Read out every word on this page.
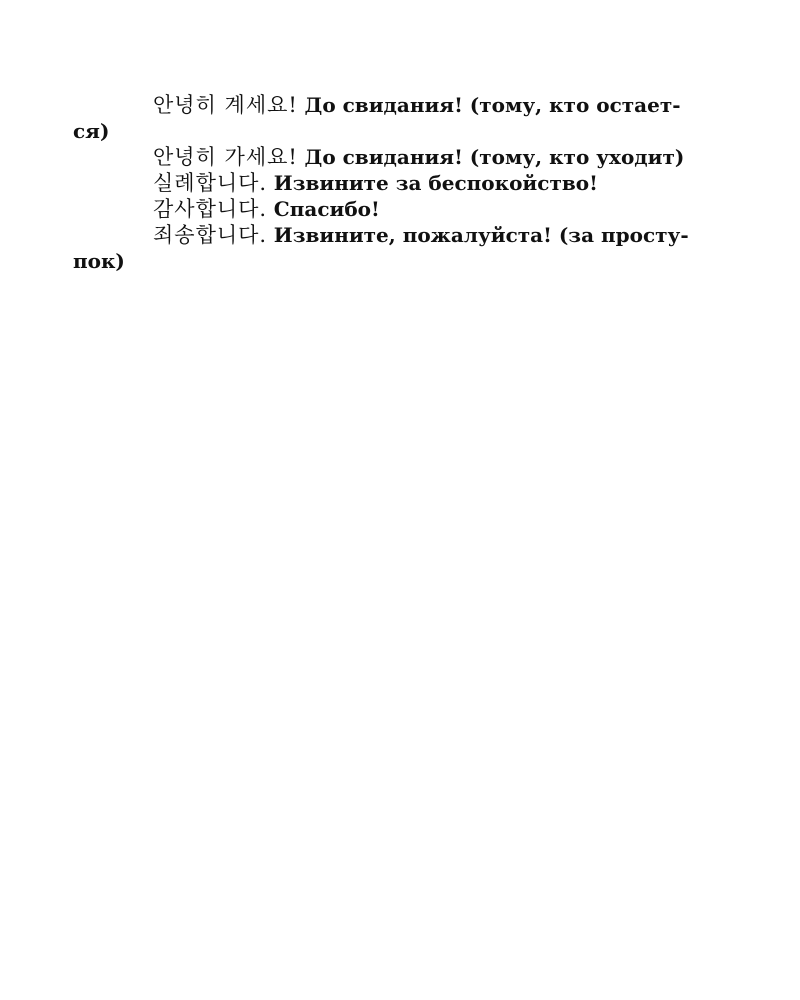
안녕히 계세요! До свидания! (тому, кто остает-
ся)

안녕히 가세요! До свидания! (тому, кто уходит)

실례합니다. Извините за беспокойство!

감사합니다. Спасибо!

죄송합니다. Извините, пожалуйста! (за просту-
пок)
